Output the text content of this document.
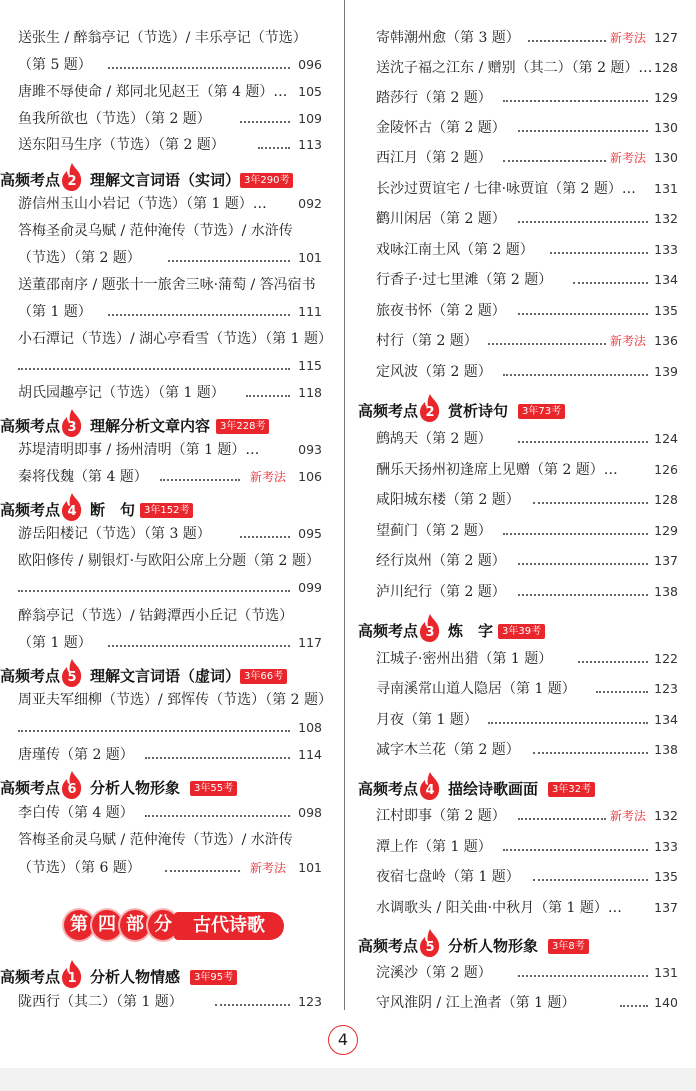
送张生 / 醉翁亭记（节选）/ 丰乐亭记（节选）
（第 5 题）	096
唐雎不辱使命 / 郑同北见赵王（第 4 题）… 105
鱼我所欲也（节选）（第 2 题）	109
送东阳马生序（节选）（第 2 题）	113
高频考点 2 理解文言词语（实词） 3年290考
游信州玉山小岩记（节选）（第 1 题）…	092
答梅圣俞灵乌赋 / 范仲淹传（节选）/ 水浒传
（节选）（第 2 题）	101
送董邵南序 / 题张十一旅舍三咏·蒲萄 / 答冯宿书
（第 1 题）	111
小石潭记（节选）/ 湖心亭看雪（节选）（第 1 题）
115
胡氏园趣亭记（节选）（第 1 题）	118
高频考点 3 理解分析文章内容 3年228考
苏堤清明即事 / 扬州清明（第 1 题）…	093
秦将伐魏（第 4 题）	新考法 106
高频考点 4 断　句 3年152考
游岳阳楼记（节选）（第 3 题）	095
欧阳修传 / 剔银灯·与欧阳公席上分题（第 2 题）
099
醉翁亭记（节选）/ 钴鉧潭西小丘记（节选）
（第 1 题）	117
高频考点 5 理解文言词语（虚词） 3年66考
周亚夫军细柳（节选）/ 郅恽传（节选）（第 2 题）
108
唐瑾传（第 2 题）	114
高频考点 6 分析人物形象	3年55考
李白传（第 4 题）	098
答梅圣俞灵乌赋 / 范仲淹传（节选）/ 水浒传
（节选）（第 6 题）	新考法 101
第 四 部 分	古代诗歌
高频考点 1 分析人物情感	3年95考
陇西行（其二）（第 1 题）	123
寄韩潮州愈（第 3 题）	新考法 127
送沈子福之江东 / 赠别（其二）（第 2 题）… 128
踏莎行（第 2 题）	129
金陵怀古（第 2 题）	130
西江月（第 2 题）	新考法 130
长沙过贾谊宅 / 七律·咏贾谊（第 2 题）… 131
鹳川闲居（第 2 题）	132
戏咏江南土风（第 2 题）	133
行香子·过七里滩（第 2 题）	134
旅夜书怀（第 2 题）	135
村行（第 2 题）	新考法 136
定风波（第 2 题）	139
高频考点 2 赏析诗句	3年73考
鹧鸪天（第 2 题）	124
酬乐天扬州初逢席上见赠（第 2 题）…	126
咸阳城东楼（第 2 题）	128
望蓟门（第 2 题）	129
经行岚州（第 2 题）	137
泸川纪行（第 2 题）	138
高频考点 3 炼　字 3年39考
江城子·密州出猎（第 1 题）	122
寻南溪常山道人隐居（第 1 题）	123
月夜（第 1 题）	134
减字木兰花（第 2 题）	138
高频考点 4 描绘诗歌画面	3年32考
江村即事（第 2 题）	新考法 132
潭上作（第 1 题）	133
夜宿七盘岭（第 1 题）	135
水调歌头 / 阳关曲·中秋月（第 1 题）…	137
高频考点 5 分析人物形象	3年8考
浣溪沙（第 2 题）	131
守风淮阴 / 江上渔者（第 1 题）	140
4
